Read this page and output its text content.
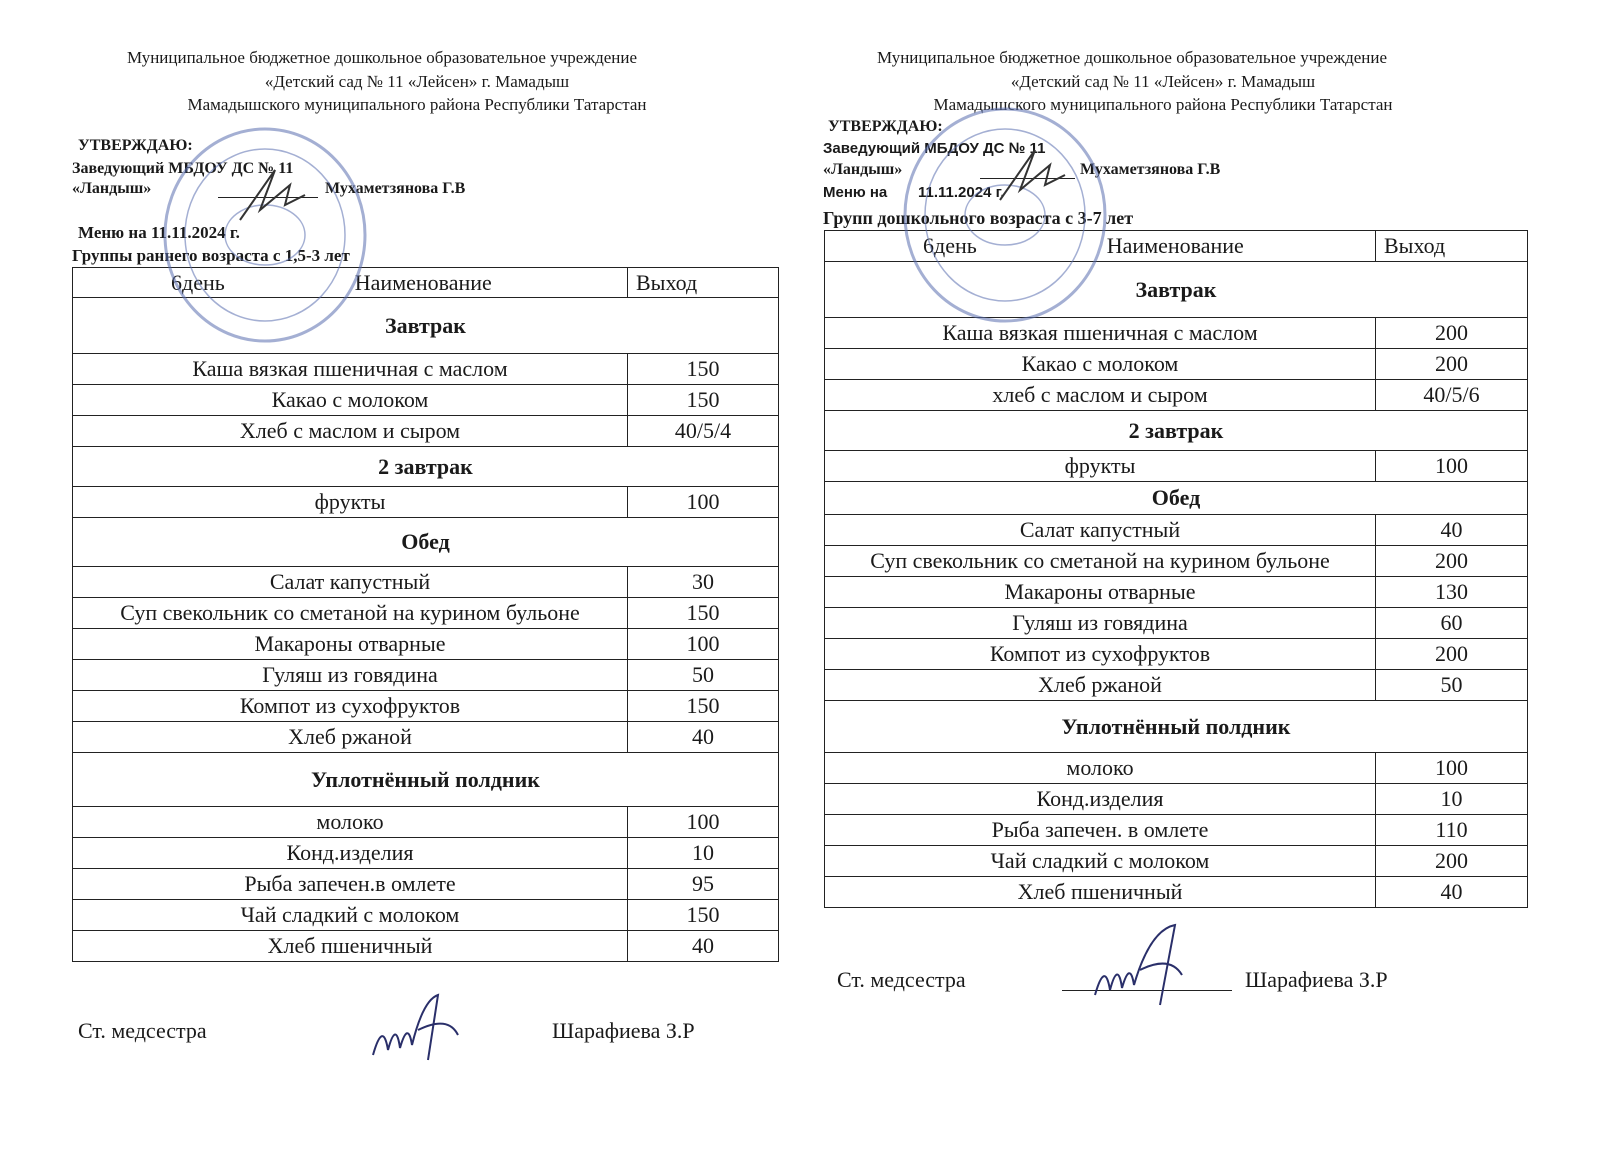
Муниципальное бюджетное дошкольное образовательное учреждение
«Детский сад № 11 «Лейсен» г. Мамадыш
Мамадышского муниципального района Республики Татарстан
УТВЕРЖДАЮ:
Заведующий МБДОУ ДС № 11
«Ландыш»	Мухаметзянова Г.В
Меню на 11.11.2024 г.
Группы раннего возраста с 1,5-3 лет
6день Наименование	Выход
Завтрак	
Каша вязкая пшеничная с маслом	150
Какао с молоком	150
Хлеб с маслом и сыром	40/5/4
2 завтрак	
фрукты	100
Обед	
Салат капустный	30
Суп свекольник со сметаной на курином бульоне	150
Макароны отварные	100
Гуляш из говядина	50
Компот из сухофруктов	150
Хлеб ржаной	40
Уплотнённый полдник	
молоко	100
Конд.изделия	10
Рыба запечен.в омлете	95
Чай сладкий с молоком	150
Хлеб пшеничный	40
Ст. медсестра	Шарафиева З.Р
Муниципальное бюджетное дошкольное образовательное учреждение
«Детский сад № 11 «Лейсен» г. Мамадыш
Мамадышского муниципального района Республики Татарстан
УТВЕРЖДАЮ:
Заведующий МБДОУ ДС № 11
«Ландыш»	Мухаметзянова Г.В
Меню на 11.11.2024 г.
Групп дошкольного возраста с 3-7 лет
6день Наименование	Выход
Завтрак	
Каша вязкая пшеничная с маслом	200
Какао с молоком	200
хлеб с маслом и сыром	40/5/6
2 завтрак	
фрукты	100
Обед	
Салат капустный	40
Суп свекольник со сметаной на курином бульоне	200
Макароны отварные	130
Гуляш из говядина	60
Компот из сухофруктов	200
Хлеб ржаной	50
Уплотнённый полдник	
молоко	100
Конд.изделия	10
Рыба запечен. в омлете	110
Чай сладкий с молоком	200
Хлеб пшеничный	40
Ст. медсестра	Шарафиева З.Р
